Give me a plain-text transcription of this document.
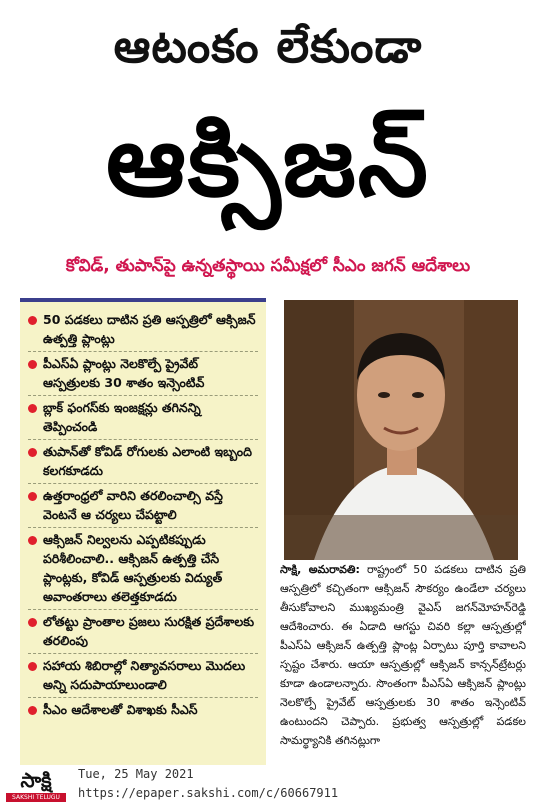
ఆటంకం లేకుండా
ఆక్సిజన్
కోవిడ్, తుపాన్‌పై ఉన్నతస్థాయి సమీక్షలో సీఎం జగన్ ఆదేశాలు
50 పడకలు దాటిన ప్రతి ఆస్పత్రిలో ఆక్సిజన్ ఉత్పత్తి ప్లాంట్లు
పీఎస్ఏ ప్లాంట్లు నెలకొల్పే ప్రైవేట్ ఆస్పత్రులకు 30 శాతం ఇన్సెంటివ్
బ్లాక్ ఫంగస్‌కు ఇంజక్షన్లు తగినన్ని తెప్పించండి
తుపాన్‌తో కోవిడ్ రోగులకు ఎలాంటి ఇబ్బంది కలగకూడదు
ఉత్తరాంధ్రలో వారిని తరలించాల్సి వస్తే వెంటనే ఆ చర్యలు చేపట్టాలి
ఆక్సిజన్ నిల్వలను ఎప్పటికప్పుడు పరిశీలించాలి.. ఆక్సిజన్ ఉత్పత్తి చేసే ప్లాంట్లకు, కోవిడ్ ఆస్పత్రులకు విద్యుత్ అవాంతరాలు తలెత్తకూడదు
లోతట్టు ప్రాంతాల ప్రజలు సురక్షిత ప్రదేశాలకు తరలింపు
సహాయ శిబిరాల్లో నిత్యావసరాలు మొదలు అన్ని సదుపాయాలుండాలి
సీఎం ఆదేశాలతో విశాఖకు సీఎస్
సాక్షి, అమరావతి: రాష్ట్రంలో 50 పడకలు దాటిన ప్రతి ఆస్పత్రిలో కచ్చితంగా ఆక్సిజన్ సౌకర్యం ఉండేలా చర్యలు తీసుకోవాలని ముఖ్యమంత్రి వైఎస్ జగన్‌మోహన్‌రెడ్డి ఆదేశించారు. ఈ ఏడాది ఆగస్టు చివరి కల్లా ఆస్పత్రుల్లో పీఎస్ఏ ఆక్సిజన్ ఉత్పత్తి ప్లాంట్ల ఏర్పాటు పూర్తి కావాలని స్పష్టం చేశారు. ఆయా ఆస్పత్రుల్లో ఆక్సిజన్ కాన్సన్‌ట్రేటర్లు కూడా ఉండాలన్నారు. సొంతంగా పీఎస్ఏ ఆక్సిజన్ ప్లాంట్లు నెలకొల్పే ప్రైవేట్ ఆస్పత్రులకు 30 శాతం ఇన్సెంటివ్ ఉంటుందని చెప్పారు. ప్రభుత్వ ఆస్పత్రుల్లో పడకల సామర్థ్యానికి తగినట్లుగా
సాక్షి
SAKSHI TELUGU DAILY
Tue, 25 May 2021
https://epaper.sakshi.com/c/60667911
